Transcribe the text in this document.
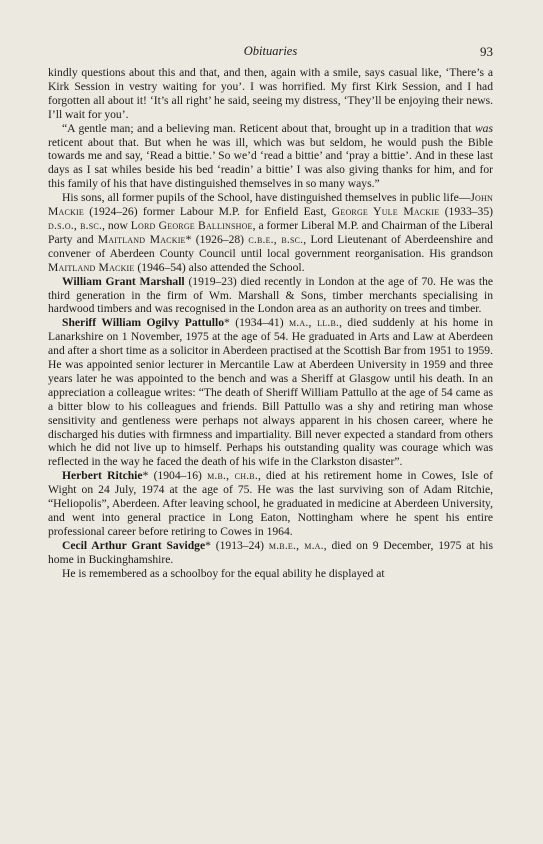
Obituaries	93

kindly questions about this and that, and then, again with a smile, says casual like, ‘There’s a Kirk Session in vestry waiting for you’. I was horrified. My first Kirk Session, and I had forgotten all about it! ‘It’s all right’ he said, seeing my distress, ‘They’ll be enjoying their news. I’ll wait for you’.

“A gentle man; and a believing man. Reticent about that, brought up in a tradition that was reticent about that. But when he was ill, which was but seldom, he would push the Bible towards me and say, ‘Read a bittie.’ So we’d ‘read a bittie’ and ‘pray a bittie’. And in these last days as I sat whiles beside his bed ‘readin’ a bittie’ I was also giving thanks for him, and for this family of his that have distinguished themselves in so many ways.”

His sons, all former pupils of the School, have distinguished themselves in public life—John Mackie (1924–26) former Labour M.P. for Enfield East, George Yule Mackie (1933–35) d.s.o., b.sc., now Lord George Ballinshoe, a former Liberal M.P. and Chairman of the Liberal Party and Maitland Mackie* (1926–28) c.b.e., b.sc., Lord Lieutenant of Aberdeenshire and convener of Aberdeen County Council until local government reorganisation. His grandson Maitland Mackie (1946–54) also attended the School.

William Grant Marshall (1919–23) died recently in London at the age of 70. He was the third generation in the firm of Wm. Marshall & Sons, timber merchants specialising in hardwood timbers and was recognised in the London area as an authority on trees and timber.

Sheriff William Ogilvy Pattullo* (1934–41) m.a., ll.b., died suddenly at his home in Lanarkshire on 1 November, 1975 at the age of 54. He graduated in Arts and Law at Aberdeen and after a short time as a solicitor in Aberdeen practised at the Scottish Bar from 1951 to 1959. He was appointed senior lecturer in Mercantile Law at Aberdeen University in 1959 and three years later he was appointed to the bench and was a Sheriff at Glasgow until his death. In an appreciation a colleague writes: “The death of Sheriff William Pattullo at the age of 54 came as a bitter blow to his colleagues and friends. Bill Pattullo was a shy and retiring man whose sensitivity and gentleness were perhaps not always apparent in his chosen career, where he discharged his duties with firmness and impartiality. Bill never expected a standard from others which he did not live up to himself. Perhaps his outstanding quality was courage which was reflected in the way he faced the death of his wife in the Clarkston disaster”.

Herbert Ritchie* (1904–16) m.b., ch.b., died at his retirement home in Cowes, Isle of Wight on 24 July, 1974 at the age of 75. He was the last surviving son of Adam Ritchie, “Heliopolis”, Aberdeen. After leaving school, he graduated in medicine at Aberdeen University, and went into general practice in Long Eaton, Nottingham where he spent his entire professional career before retiring to Cowes in 1964.

Cecil Arthur Grant Savidge* (1913–24) m.b.e., m.a., died on 9 December, 1975 at his home in Buckinghamshire.

He is remembered as a schoolboy for the equal ability he displayed at
